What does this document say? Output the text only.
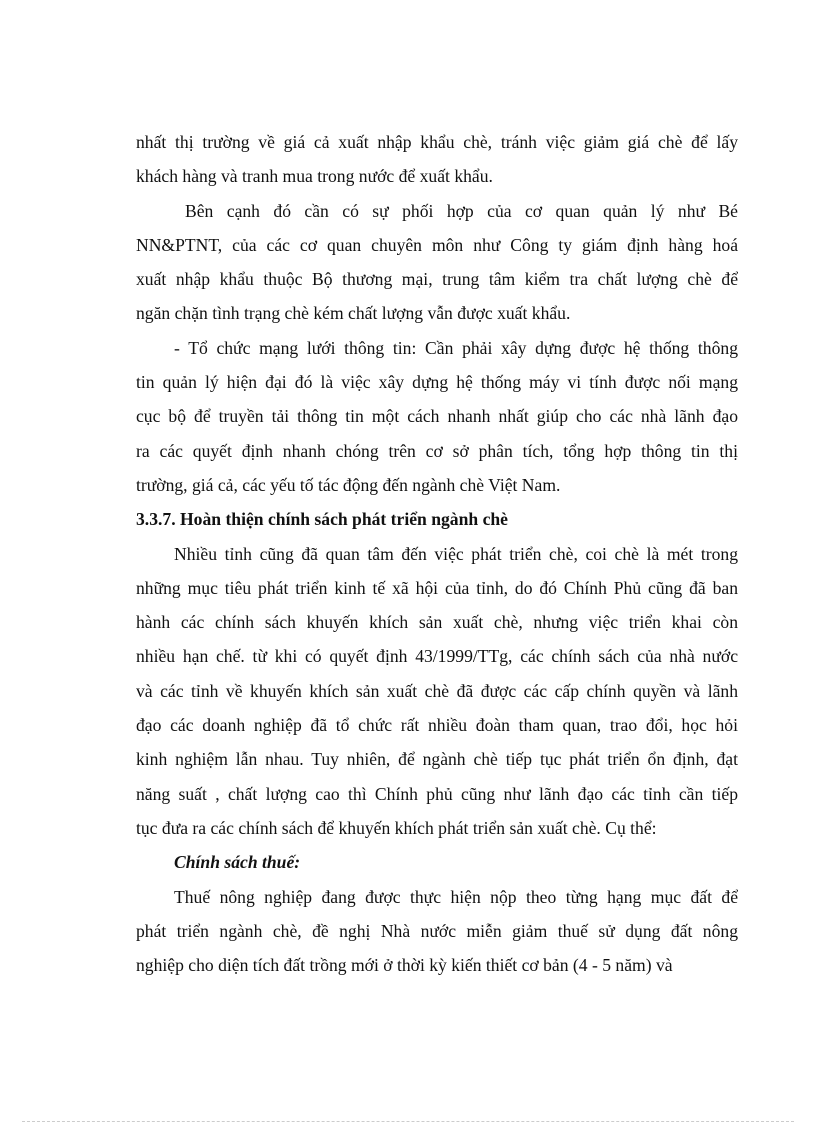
nhất thị trường về giá cả xuất nhập khẩu chè, tránh việc giảm giá chè để lấy
khách hàng và tranh mua trong nước để xuất khẩu.
Bên cạnh đó cần có sự phối hợp của cơ quan quản lý như Bé
NN&PTNT, của các cơ quan chuyên môn như Công ty giám định hàng hoá
xuất nhập khẩu thuộc Bộ thương mại, trung tâm kiểm tra chất lượng chè để
ngăn chặn tình trạng chè kém chất lượng vẫn được xuất khẩu.
- Tổ chức mạng lưới thông tin: Cần phải xây dựng được hệ thống thông
tin quản lý hiện đại đó là việc xây dựng hệ thống máy vi tính được nối mạng
cục bộ để truyền tải thông tin một cách nhanh nhất giúp cho các nhà lãnh đạo
ra các quyết định nhanh chóng trên cơ sở phân tích, tổng hợp thông tin thị
trường, giá cả, các yếu tố tác động đến ngành chè Việt Nam.
3.3.7. Hoàn thiện chính sách phát triển ngành chè
Nhiều tỉnh cũng đã quan tâm đến việc phát triển chè, coi chè là mét trong
những mục tiêu phát triển kinh tế xã hội của tỉnh, do đó Chính Phủ cũng đã ban
hành các chính sách khuyến khích sản xuất chè, nhưng việc triển khai còn
nhiều hạn chế. từ khi có quyết định 43/1999/TTg, các chính sách của nhà nước
và các tỉnh về khuyến khích sản xuất chè đã được các cấp chính quyền và lãnh
đạo các doanh nghiệp đã tổ chức rất nhiều đoàn tham quan, trao đổi, học hỏi
kinh nghiệm lẫn nhau. Tuy nhiên, để ngành chè tiếp tục phát triển ổn định, đạt
năng suất , chất lượng cao thì Chính phủ cũng như lãnh đạo các tỉnh cần tiếp
tục đưa ra các chính sách để khuyến khích phát triển sản xuất chè. Cụ thể:
Chính sách thuế:
Thuế nông nghiệp đang được thực hiện nộp theo từng hạng mục đất để
phát triển ngành chè, đề nghị Nhà nước miễn giảm thuế sử dụng đất nông
nghiệp cho diện tích đất trồng mới ở thời kỳ kiến thiết cơ bản (4 - 5 năm) và
